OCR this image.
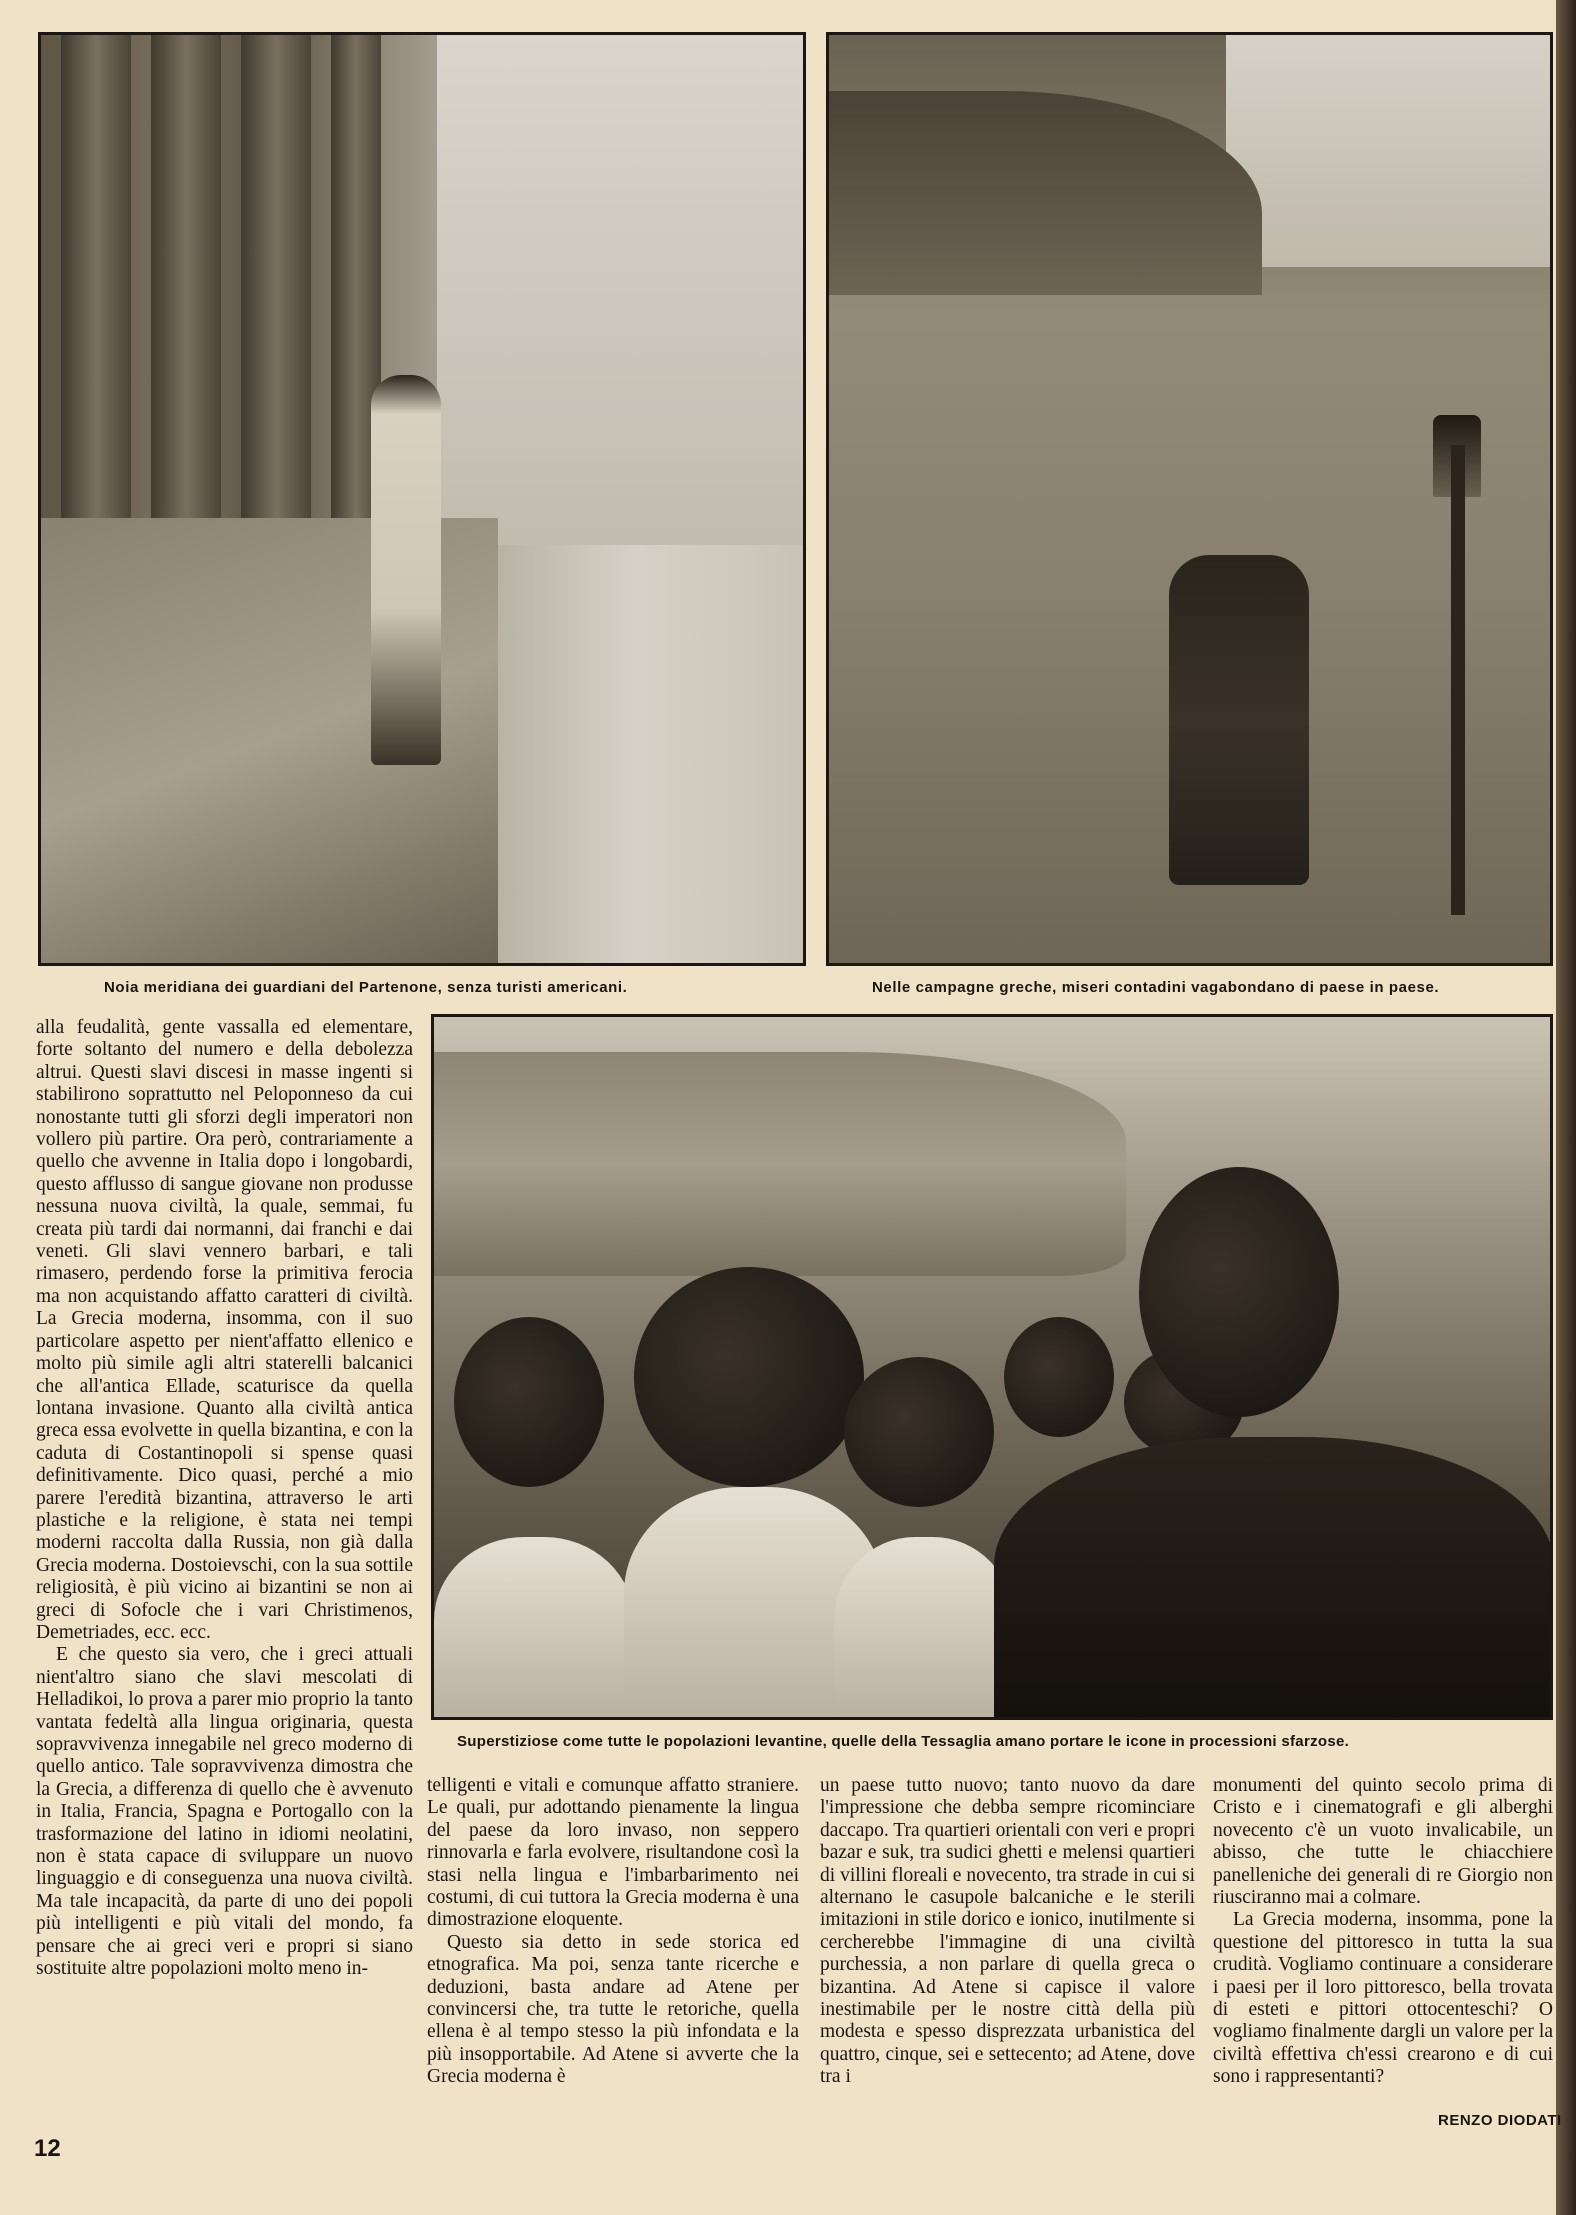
Noia meridiana dei guardiani del Partenone, senza turisti americani.	Nelle campagne greche, miseri contadini vagabondano di paese in paese.
Superstiziose come tutte le popolazioni levantine, quelle della Tessaglia amano portare le icone in processioni sfarzose.

alla feudalità, gente vassalla ed elementare, forte soltanto del numero e della debolezza altrui. Questi slavi discesi in masse ingenti si stabilirono soprattutto nel Peloponneso da cui nonostante tutti gli sforzi degli imperatori non vollero più partire. Ora però, contrariamente a quello che avvenne in Italia dopo i longobardi, questo afflusso di sangue giovane non produsse nessuna nuova civiltà, la quale, semmai, fu creata più tardi dai normanni, dai franchi e dai veneti. Gli slavi vennero barbari, e tali rimasero, perdendo forse la primitiva ferocia ma non acquistando affatto caratteri di civiltà. La Grecia moderna, insomma, con il suo particolare aspetto per nient'affatto ellenico e molto più simile agli altri staterelli balcanici che all'antica Ellade, scaturisce da quella lontana invasione. Quanto alla civiltà antica greca essa evolvette in quella bizantina, e con la caduta di Costantinopoli si spense quasi definitivamente. Dico quasi, perché a mio parere l'eredità bizantina, attraverso le arti plastiche e la religione, è stata nei tempi moderni raccolta dalla Russia, non già dalla Grecia moderna. Dostoievschi, con la sua sottile religiosità, è più vicino ai bizantini se non ai greci di Sofocle che i vari Christimenos, Demetriades, ecc. ecc.

E che questo sia vero, che i greci attuali nient'altro siano che slavi mescolati di Helladikoi, lo prova a parer mio proprio la tanto vantata fedeltà alla lingua originaria, questa sopravvivenza innegabile nel greco moderno di quello antico. Tale sopravvivenza dimostra che la Grecia, a differenza di quello che è avvenuto in Italia, Francia, Spagna e Portogallo con la trasformazione del latino in idiomi neolatini, non è stata capace di sviluppare un nuovo linguaggio e di conseguenza una nuova civiltà. Ma tale incapacità, da parte di uno dei popoli più intelligenti e più vitali del mondo, fa pensare che ai greci veri e propri si siano sostituite altre popolazioni molto meno in-

telligenti e vitali e comunque affatto straniere. Le quali, pur adottando pienamente la lingua del paese da loro invaso, non seppero rinnovarla e farla evolvere, risultandone così la stasi nella lingua e l'imbarbarimento nei costumi, di cui tuttora la Grecia moderna è una dimostrazione eloquente.

Questo sia detto in sede storica ed etnografica. Ma poi, senza tante ricerche e deduzioni, basta andare ad Atene per convincersi che, tra tutte le retoriche, quella ellena è al tempo stesso la più infondata e la più insopportabile. Ad Atene si avverte che la Grecia moderna è

un paese tutto nuovo; tanto nuovo da dare l'impressione che debba sempre ricominciare daccapo. Tra quartieri orientali con veri e propri bazar e suk, tra sudici ghetti e melensi quartieri di villini floreali e novecento, tra strade in cui si alternano le casupole balcaniche e le sterili imitazioni in stile dorico e ionico, inutilmente si cercherebbe l'immagine di una civiltà purchessia, a non parlare di quella greca o bizantina. Ad Atene si capisce il valore inestimabile per le nostre città della più modesta e spesso disprezzata urbanistica del quattro, cinque, sei e settecento; ad Atene, dove tra i

monumenti del quinto secolo prima di Cristo e i cinematografi e gli alberghi novecento c'è un vuoto invalicabile, un abisso, che tutte le chiacchiere panelleniche dei generali di re Giorgio non riusciranno mai a colmare.

La Grecia moderna, insomma, pone la questione del pittoresco in tutta la sua crudità. Vogliamo continuare a considerare i paesi per il loro pittoresco, bella trovata di esteti e pittori ottocenteschi? O vogliamo finalmente dargli un valore per la civiltà effettiva ch'essi crearono e di cui sono i rappresentanti?

RENZO DIODATI
12
